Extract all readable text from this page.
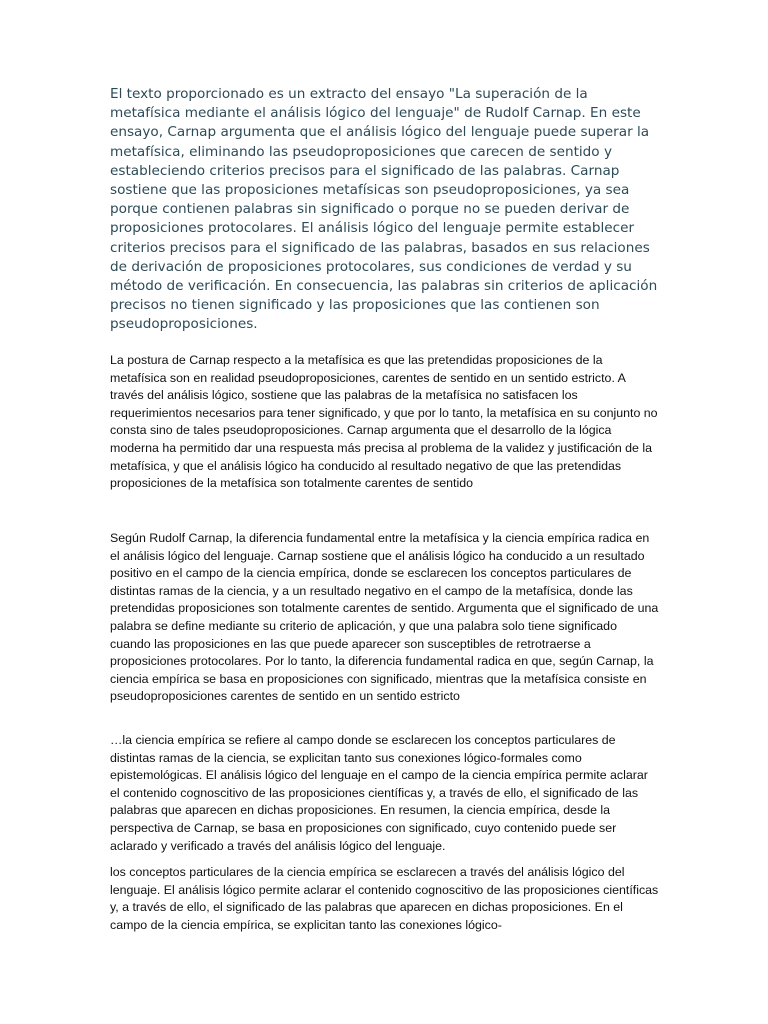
El texto proporcionado es un extracto del ensayo "La superación de la metafísica mediante el análisis lógico del lenguaje" de Rudolf Carnap. En este ensayo, Carnap argumenta que el análisis lógico del lenguaje puede superar la metafísica, eliminando las pseudoproposiciones que carecen de sentido y estableciendo criterios precisos para el significado de las palabras. Carnap sostiene que las proposiciones metafísicas son pseudoproposiciones, ya sea porque contienen palabras sin significado o porque no se pueden derivar de proposiciones protocolares. El análisis lógico del lenguaje permite establecer criterios precisos para el significado de las palabras, basados en sus relaciones de derivación de proposiciones protocolares, sus condiciones de verdad y su método de verificación. En consecuencia, las palabras sin criterios de aplicación precisos no tienen significado y las proposiciones que las contienen son pseudoproposiciones.

La postura de Carnap respecto a la metafísica es que las pretendidas proposiciones de la metafísica son en realidad pseudoproposiciones, carentes de sentido en un sentido estricto. A través del análisis lógico, sostiene que las palabras de la metafísica no satisfacen los requerimientos necesarios para tener significado, y que por lo tanto, la metafísica en su conjunto no consta sino de tales pseudoproposiciones. Carnap argumenta que el desarrollo de la lógica moderna ha permitido dar una respuesta más precisa al problema de la validez y justificación de la metafísica, y que el análisis lógico ha conducido al resultado negativo de que las pretendidas proposiciones de la metafísica son totalmente carentes de sentido

Según Rudolf Carnap, la diferencia fundamental entre la metafísica y la ciencia empírica radica en el análisis lógico del lenguaje. Carnap sostiene que el análisis lógico ha conducido a un resultado positivo en el campo de la ciencia empírica, donde se esclarecen los conceptos particulares de distintas ramas de la ciencia, y a un resultado negativo en el campo de la metafísica, donde las pretendidas proposiciones son totalmente carentes de sentido. Argumenta que el significado de una palabra se define mediante su criterio de aplicación, y que una palabra solo tiene significado cuando las proposiciones en las que puede aparecer son susceptibles de retrotraerse a proposiciones protocolares. Por lo tanto, la diferencia fundamental radica en que, según Carnap, la ciencia empírica se basa en proposiciones con significado, mientras que la metafísica consiste en pseudoproposiciones carentes de sentido en un sentido estricto

…la ciencia empírica se refiere al campo donde se esclarecen los conceptos particulares de distintas ramas de la ciencia, se explicitan tanto sus conexiones lógico-formales como epistemológicas. El análisis lógico del lenguaje en el campo de la ciencia empírica permite aclarar el contenido cognoscitivo de las proposiciones científicas y, a través de ello, el significado de las palabras que aparecen en dichas proposiciones. En resumen, la ciencia empírica, desde la perspectiva de Carnap, se basa en proposiciones con significado, cuyo contenido puede ser aclarado y verificado a través del análisis lógico del lenguaje.

los conceptos particulares de la ciencia empírica se esclarecen a través del análisis lógico del lenguaje. El análisis lógico permite aclarar el contenido cognoscitivo de las proposiciones científicas y, a través de ello, el significado de las palabras que aparecen en dichas proposiciones. En el campo de la ciencia empírica, se explicitan tanto las conexiones lógico-
